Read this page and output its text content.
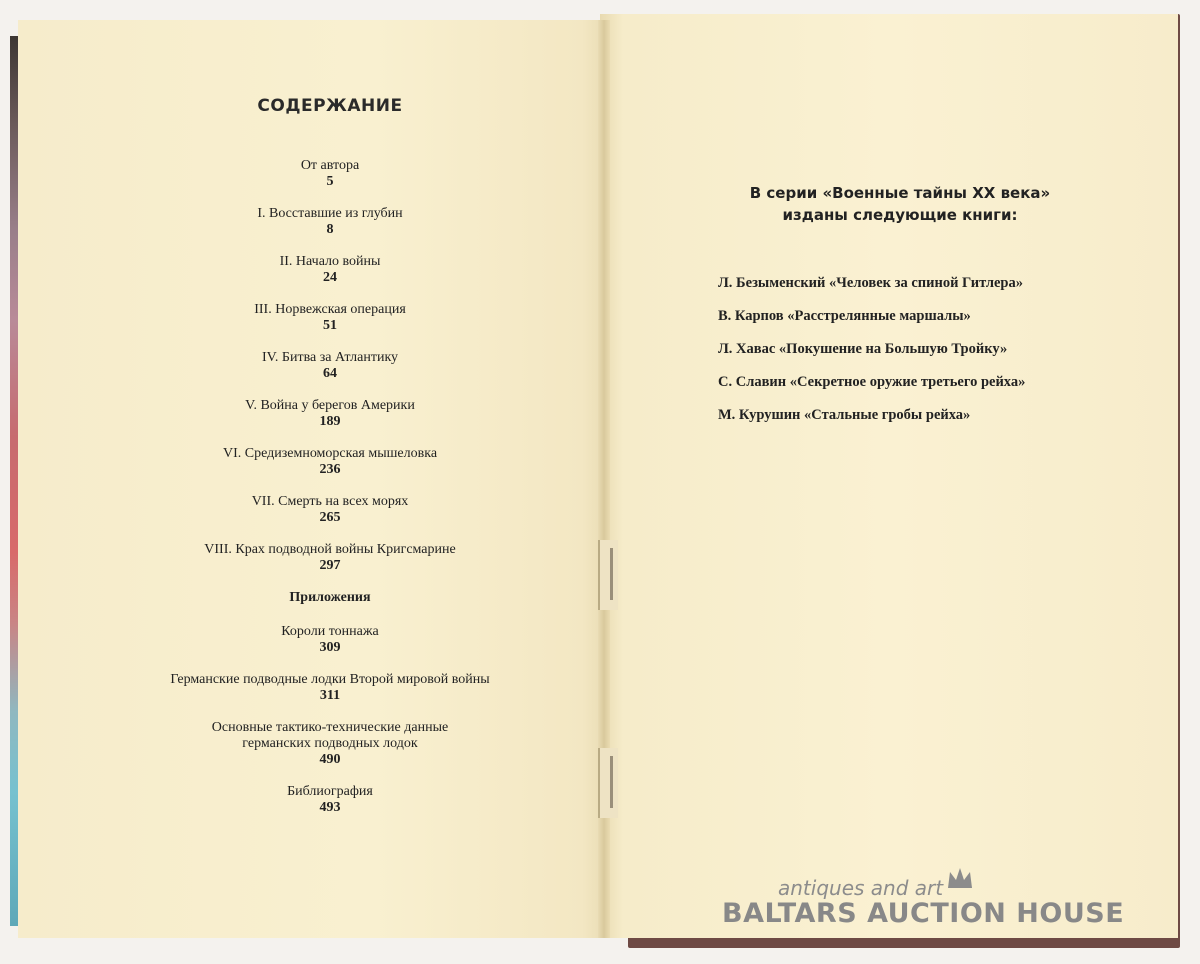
СОДЕРЖАНИЕ
От автора
5
I. Восставшие из глубин
8
II. Начало войны
24
III. Норвежская операция
51
IV. Битва за Атлантику
64
V. Война у берегов Америки
189
VI. Средиземноморская мышеловка
236
VII. Смерть на всех морях
265
VIII. Крах подводной войны Кригсмарине
297
Приложения
Короли тоннажа
309
Германские подводные лодки Второй мировой войны
311
Основные тактико-технические данные
германских подводных лодок
490
Библиография
493
В серии «Военные тайны XX века»
изданы следующие книги:
Л. Безыменский «Человек за спиной Гитлера»
В. Карпов «Расстрелянные маршалы»
Л. Хавас «Покушение на Большую Тройку»
С. Славин «Секретное оружие третьего рейха»
М. Курушин «Стальные гробы рейха»
antiques and art
BALTARS AUCTION HOUSE
